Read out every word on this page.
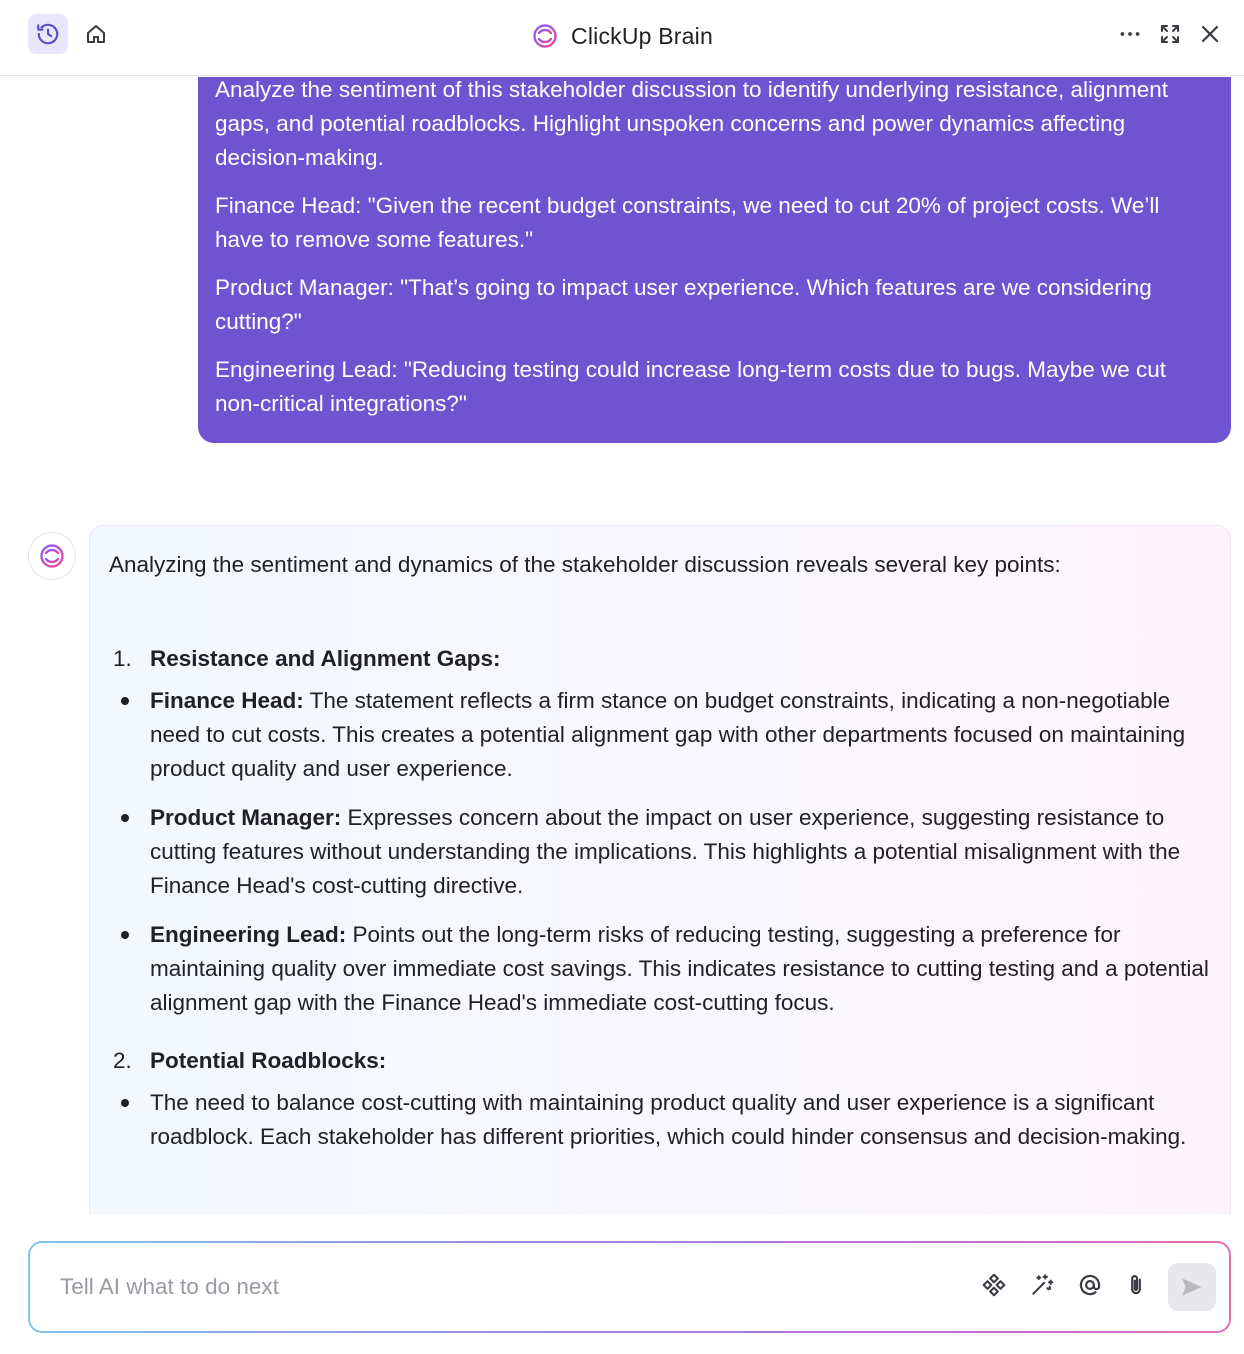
ClickUp Brain

Analyze the sentiment of this stakeholder discussion to identify underlying resistance, alignment gaps, and potential roadblocks. Highlight unspoken concerns and power dynamics affecting decision-making.

Finance Head: "Given the recent budget constraints, we need to cut 20% of project costs. We’ll have to remove some features."

Product Manager: "That’s going to impact user experience. Which features are we considering cutting?"

Engineering Lead: "Reducing testing could increase long-term costs due to bugs. Maybe we cut non-critical integrations?"

Analyzing the sentiment and dynamics of the stakeholder discussion reveals several key points:

1. Resistance and Alignment Gaps:
Finance Head: The statement reflects a firm stance on budget constraints, indicating a non-negotiable need to cut costs. This creates a potential alignment gap with other departments focused on maintaining product quality and user experience.
Product Manager: Expresses concern about the impact on user experience, suggesting resistance to cutting features without understanding the implications. This highlights a potential misalignment with the Finance Head's cost-cutting directive.
Engineering Lead: Points out the long-term risks of reducing testing, suggesting a preference for maintaining quality over immediate cost savings. This indicates resistance to cutting testing and a potential alignment gap with the Finance Head's immediate cost-cutting focus.
2. Potential Roadblocks:
The need to balance cost-cutting with maintaining product quality and user experience is a significant roadblock. Each stakeholder has different priorities, which could hinder consensus and decision-making.
Tell AI what to do next
